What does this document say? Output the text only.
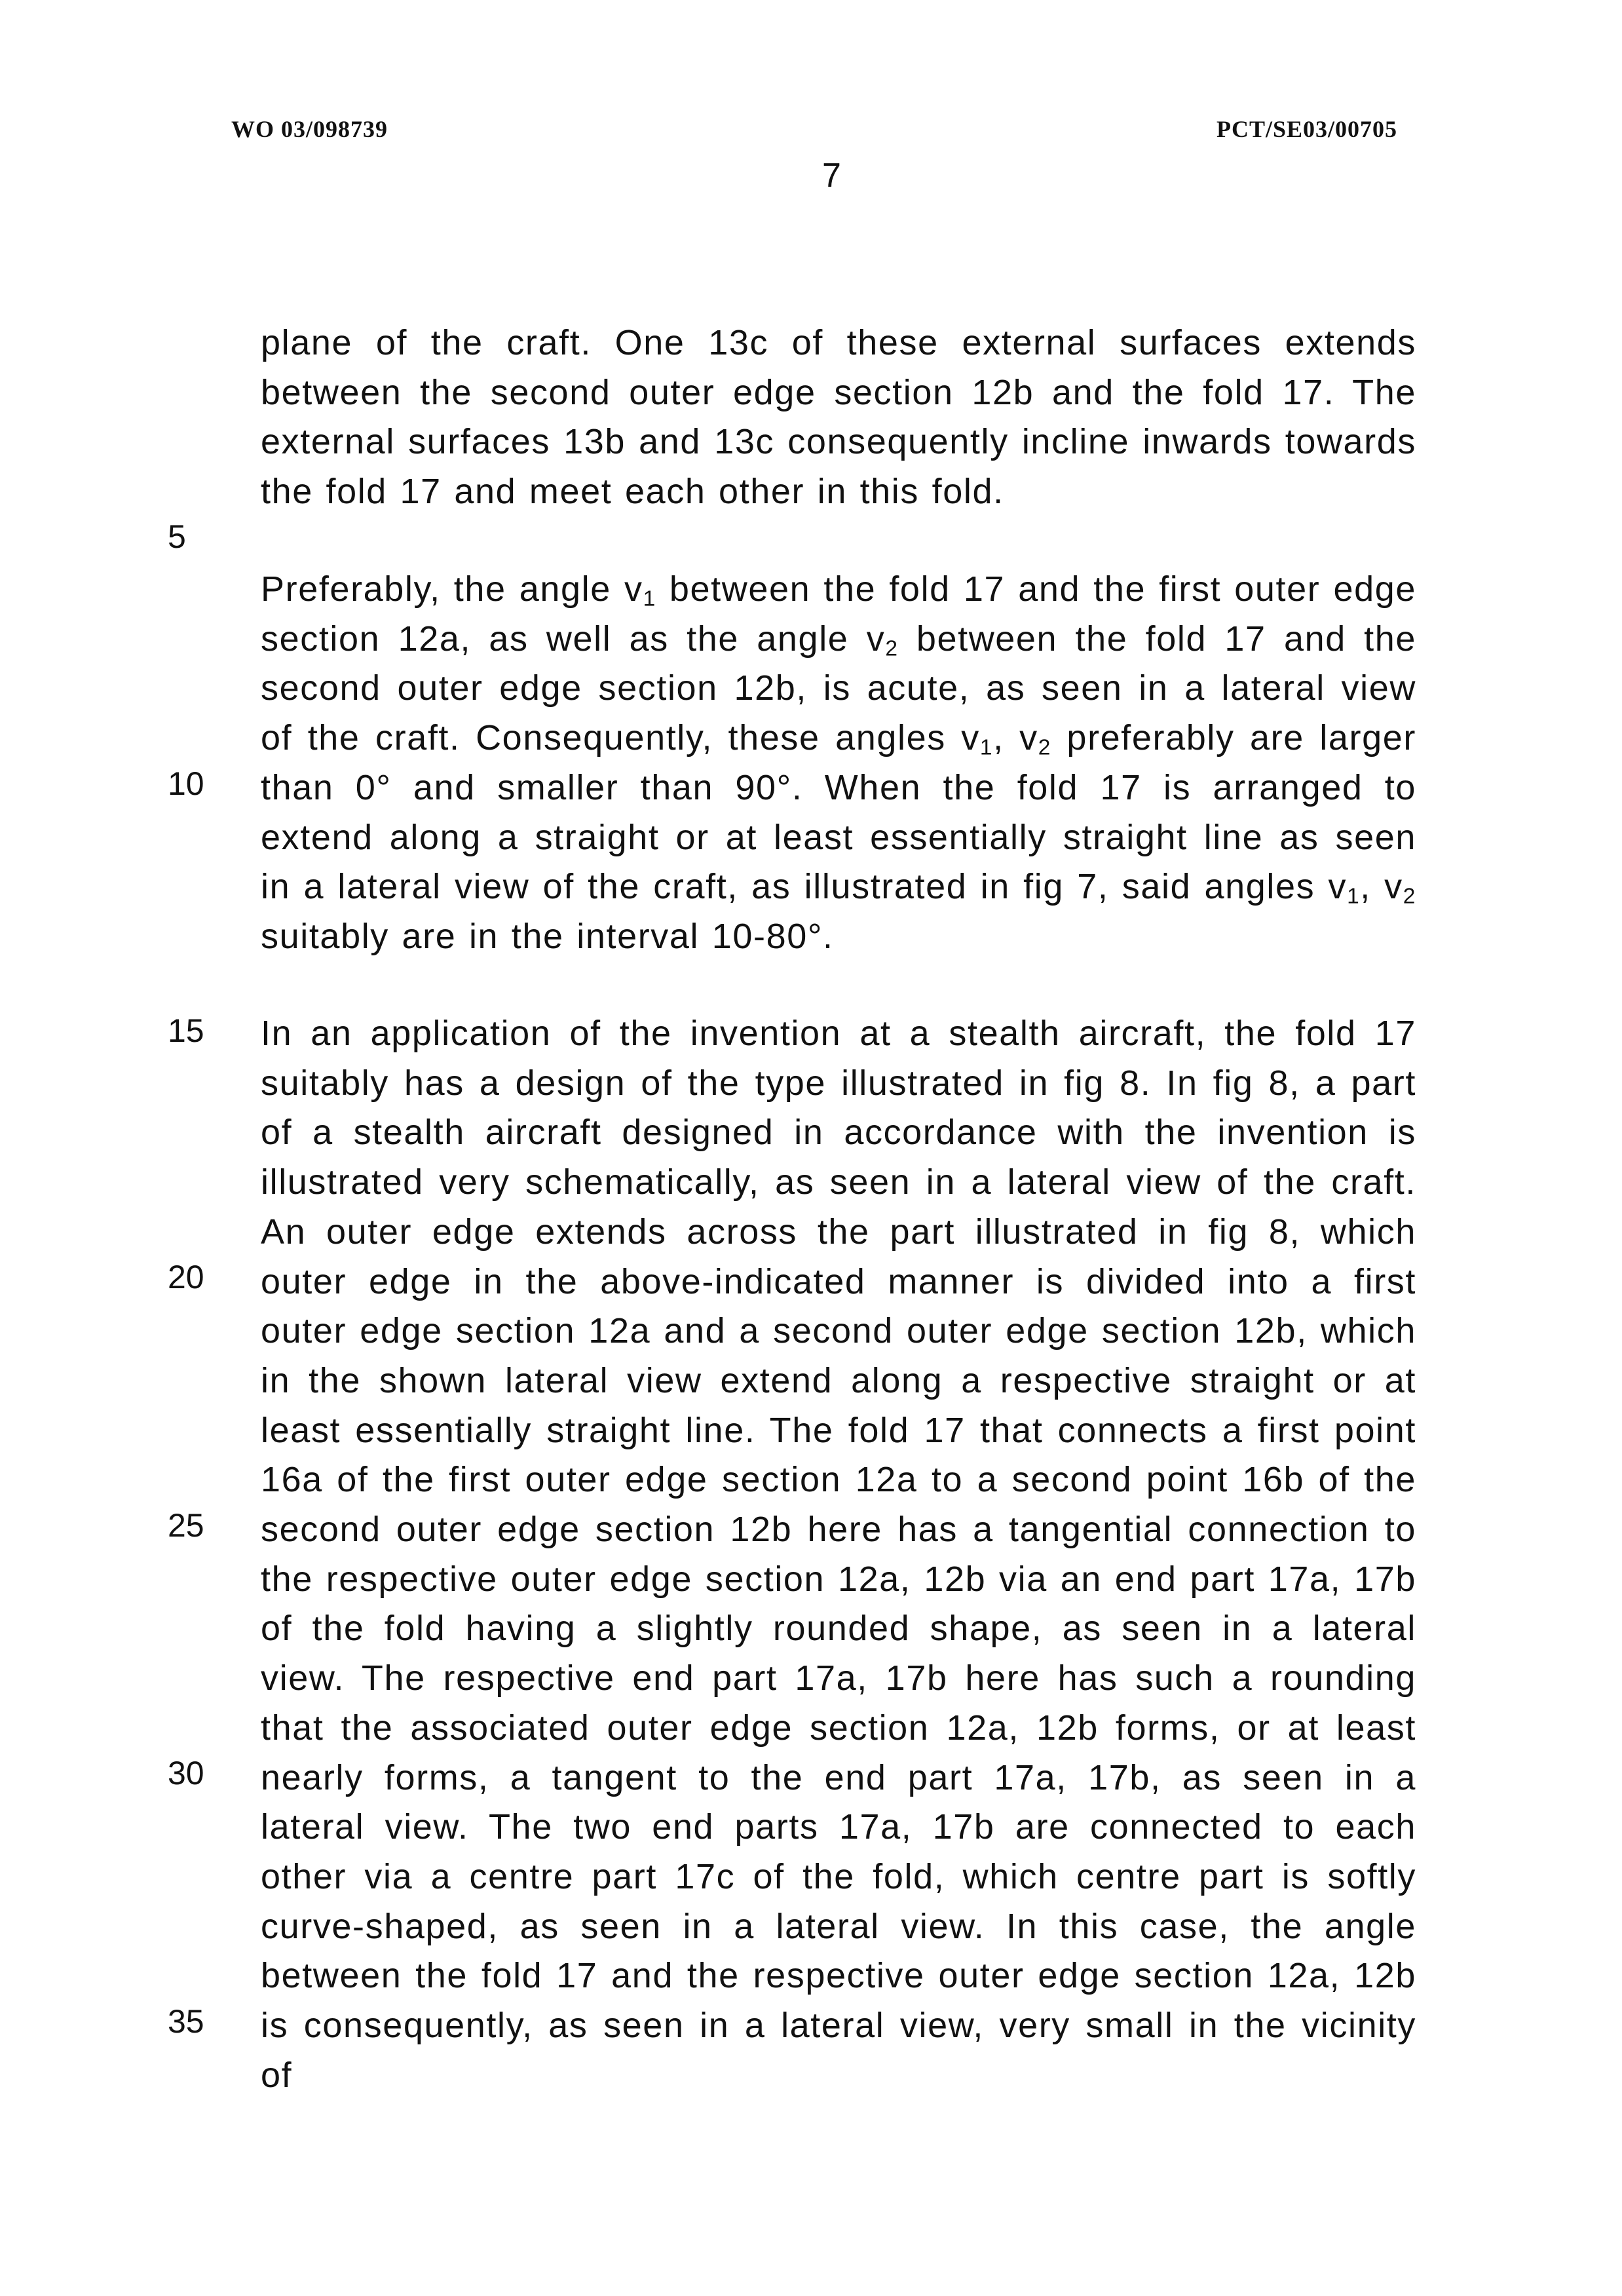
WO 03/098739	PCT/SE03/00705
7

plane of the craft. One 13c of these external surfaces extends between the second outer edge section 12b and the fold 17. The external surfaces 13b and 13c consequently incline inwards towards the fold 17 and meet each other in this fold.

Preferably, the angle $v_1$ between the fold 17 and the first outer edge section 12a, as well as the angle $v_2$ between the fold 17 and the second outer edge section 12b, is acute, as seen in a lateral view of the craft. Consequently, these angles $v_1$, $v_2$ preferably are larger than 0° and smaller than 90°. When the fold 17 is arranged to extend along a straight or at least essentially straight line as seen in a lateral view of the craft, as illustrated in fig 7, said angles $v_1$, $v_2$ suitably are in the interval 10-80°.

In an application of the invention at a stealth aircraft, the fold 17 suitably has a design of the type illustrated in fig 8. In fig 8, a part of a stealth aircraft designed in accordance with the invention is illustrated very schematically, as seen in a lateral view of the craft. An outer edge extends across the part illustrated in fig 8, which outer edge in the above-indicated manner is divided into a first outer edge section 12a and a second outer edge section 12b, which in the shown lateral view extend along a respective straight or at least essentially straight line. The fold 17 that connects a first point 16a of the first outer edge section 12a to a second point 16b of the second outer edge section 12b here has a tangential connection to the respective outer edge section 12a, 12b via an end part 17a, 17b of the fold having a slightly rounded shape, as seen in a lateral view. The respective end part 17a, 17b here has such a rounding that the associated outer edge section 12a, 12b forms, or at least nearly forms, a tangent to the end part 17a, 17b, as seen in a lateral view. The two end parts 17a, 17b are connected to each other via a centre part 17c of the fold, which centre part is softly curve-shaped, as seen in a lateral view. In this case, the angle between the fold 17 and the respective outer edge section 12a, 12b is consequently, as seen in a lateral view, very small in the vicinity of

5
10
15
20
25
30
35
